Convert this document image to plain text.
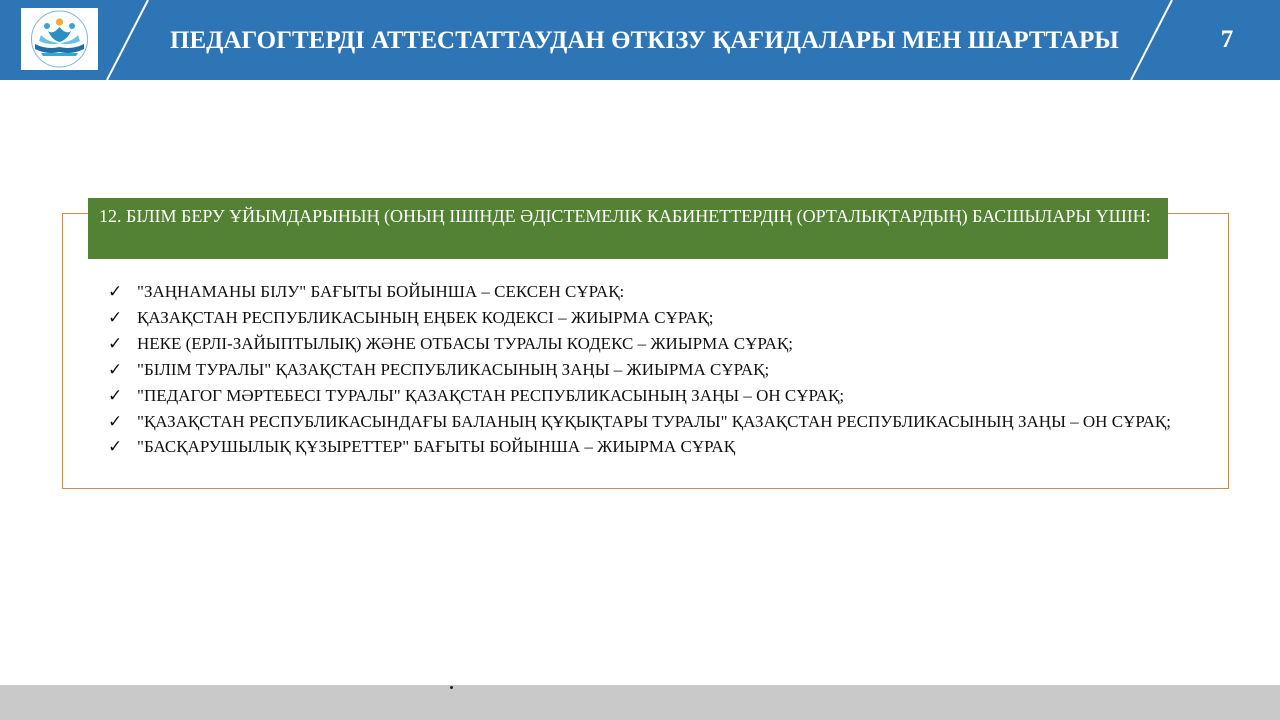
ПЕДАГОГТЕРДІ АТТЕСТАТТАУДАН ӨТКІЗУ ҚАҒИДАЛАРЫ МЕН ШАРТТАРЫ	7
12. БІЛІМ БЕРУ ҰЙЫМДАРЫНЫҢ (ОНЫҢ ІШІНДЕ ӘДІСТЕМЕЛІК КАБИНЕТТЕРДІҢ (ОРТАЛЫҚТАРДЫҢ) БАСШЫЛАРЫ ҮШІН:
✓ "ЗАҢНАМАНЫ БІЛУ" БАҒЫТЫ БОЙЫНША – СЕКСЕН СҰРАҚ:
✓ ҚАЗАҚСТАН РЕСПУБЛИКАСЫНЫҢ ЕҢБЕК КОДЕКСІ – ЖИЫРМА СҰРАҚ;
✓ НЕКЕ (ЕРЛІ-ЗАЙЫПТЫЛЫҚ) ЖӘНЕ ОТБАСЫ ТУРАЛЫ КОДЕКС – ЖИЫРМА СҰРАҚ;
✓ "БІЛІМ ТУРАЛЫ" ҚАЗАҚСТАН РЕСПУБЛИКАСЫНЫҢ ЗАҢЫ – ЖИЫРМА СҰРАҚ;
✓ "ПЕДАГОГ МӘРТЕБЕСІ ТУРАЛЫ" ҚАЗАҚСТАН РЕСПУБЛИКАСЫНЫҢ ЗАҢЫ – ОН СҰРАҚ;
✓ "ҚАЗАҚСТАН РЕСПУБЛИКАСЫНДАҒЫ БАЛАНЫҢ ҚҰҚЫҚТАРЫ ТУРАЛЫ" ҚАЗАҚСТАН РЕСПУБЛИКАСЫНЫҢ ЗАҢЫ – ОН СҰРАҚ;
✓ "БАСҚАРУШЫЛЫҚ ҚҰЗЫРЕТТЕР" БАҒЫТЫ БОЙЫНША – ЖИЫРМА СҰРАҚ
